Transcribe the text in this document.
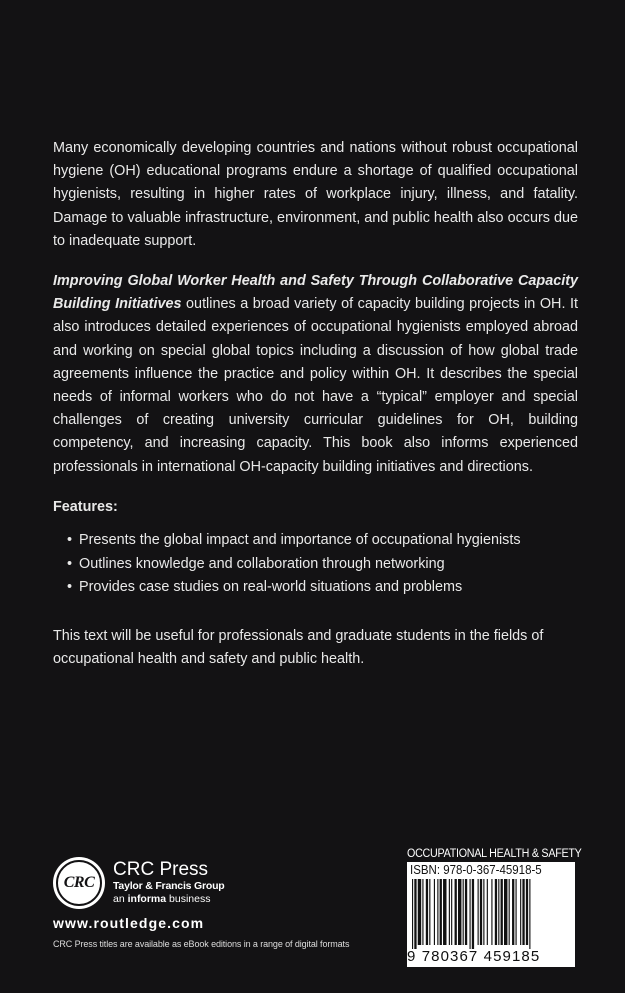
Many economically developing countries and nations without robust occupational hygiene (OH) educational programs endure a shortage of qualified occupational hygienists, resulting in higher rates of workplace injury, illness, and fatality. Damage to valuable infrastructure, environment, and public health also occurs due to inadequate support.

Improving Global Worker Health and Safety Through Collaborative Capacity Building Initiatives outlines a broad variety of capacity building projects in OH. It also introduces detailed experiences of occupational hygienists employed abroad and working on special global topics including a discussion of how global trade agreements influence the practice and policy within OH. It describes the special needs of informal workers who do not have a “typical” employer and special challenges of creating university curricular guidelines for OH, building competency, and increasing capacity. This book also informs experienced professionals in international OH-capacity building initiatives and directions.

Features:

• Presents the global impact and importance of occupational hygienists
• Outlines knowledge and collaboration through networking
• Provides case studies on real-world situations and problems

This text will be useful for professionals and graduate students in the fields of occupational health and safety and public health.

CRC
CRC Press
Taylor & Francis Group
an informa business
www.routledge.com
CRC Press titles are available as eBook editions in a range of digital formats
OCCUPATIONAL HEALTH & SAFETY
ISBN: 978-0-367-45918-5
9 780367 459185
